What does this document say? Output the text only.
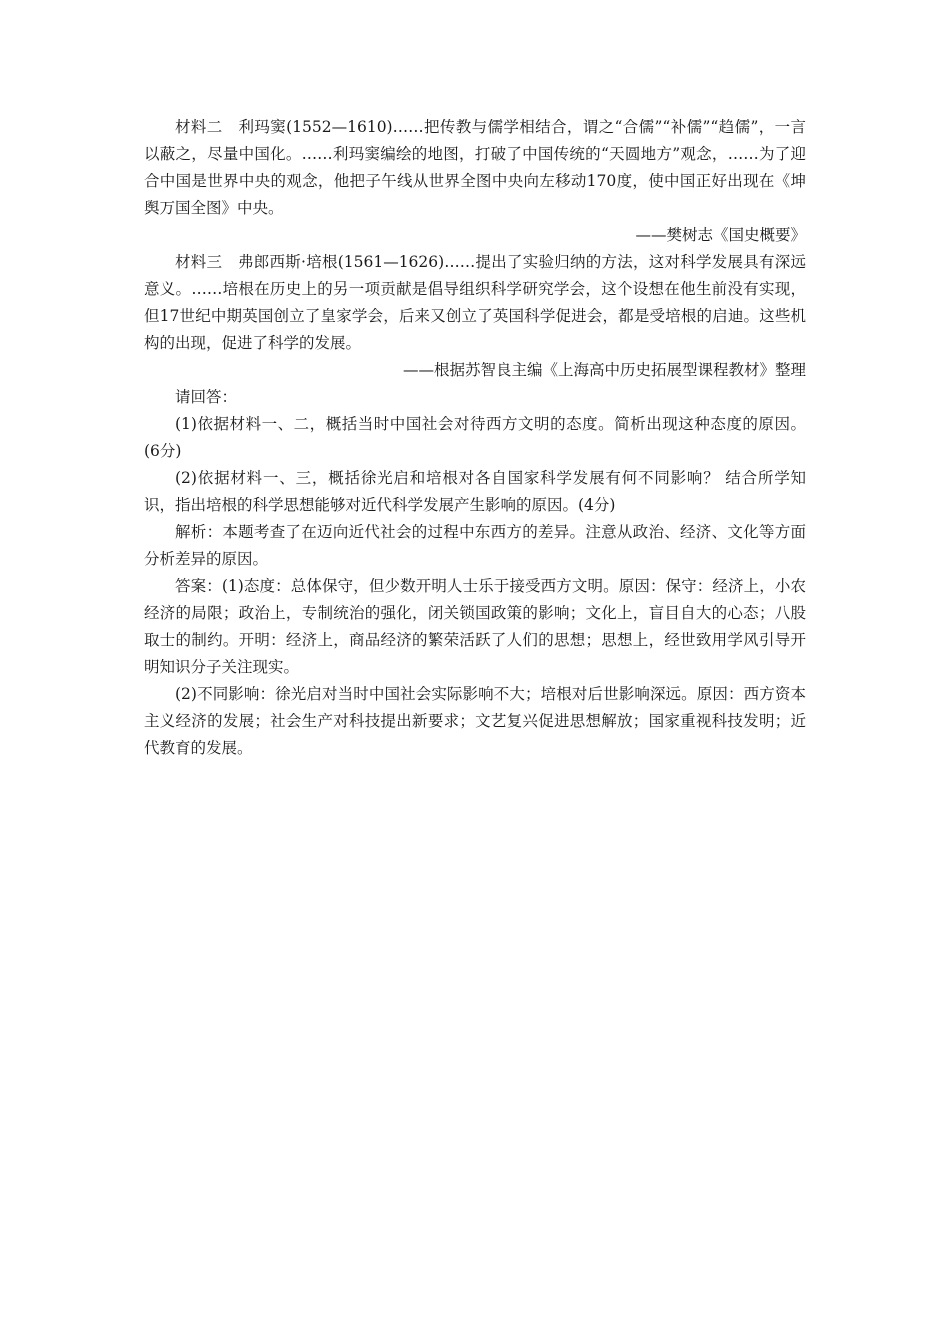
材料二　利玛窦(1552—1610)……把传教与儒学相结合，谓之“合儒”“补儒”“趋儒”，一言以蔽之，尽量中国化。……利玛窦编绘的地图，打破了中国传统的“天圆地方”观念，……为了迎合中国是世界中央的观念，他把子午线从世界全图中央向左移动170度，使中国正好出现在《坤舆万国全图》中央。

——樊树志《国史概要》

材料三　弗郎西斯·培根(1561—1626)……提出了实验归纳的方法，这对科学发展具有深远意义。……培根在历史上的另一项贡献是倡导组织科学研究学会，这个设想在他生前没有实现，但17世纪中期英国创立了皇家学会，后来又创立了英国科学促进会，都是受培根的启迪。这些机构的出现，促进了科学的发展。

——根据苏智良主编《上海高中历史拓展型课程教材》整理

请回答：

(1)依据材料一、二，概括当时中国社会对待西方文明的态度。简析出现这种态度的原因。 (6分)

(2)依据材料一、三，概括徐光启和培根对各自国家科学发展有何不同影响？ 结合所学知识，指出培根的科学思想能够对近代科学发展产生影响的原因。(4分)

解析：本题考查了在迈向近代社会的过程中东西方的差异。注意从政治、经济、文化等方面分析差异的原因。

答案：(1)态度：总体保守，但少数开明人士乐于接受西方文明。原因：保守：经济上，小农经济的局限；政治上，专制统治的强化，闭关锁国政策的影响；文化上，盲目自大的心态；八股取士的制约。开明：经济上，商品经济的繁荣活跃了人们的思想；思想上，经世致用学风引导开明知识分子关注现实。

(2)不同影响：徐光启对当时中国社会实际影响不大；培根对后世影响深远。原因：西方资本主义经济的发展；社会生产对科技提出新要求；文艺复兴促进思想解放；国家重视科技发明；近代教育的发展。
